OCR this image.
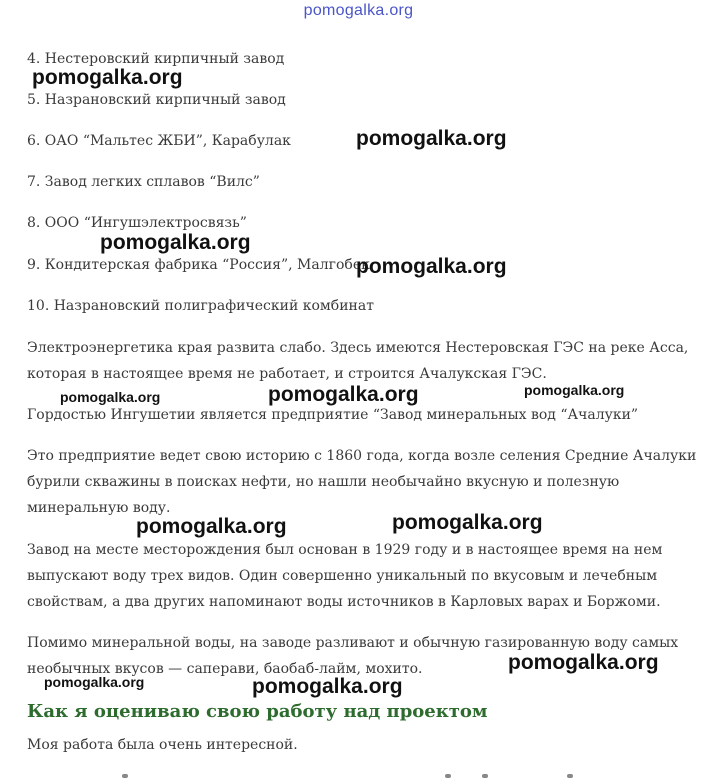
pomogalka.org
4. Нестеровский кирпичный завод
5. Назрановский кирпичный завод
6. ОАО “Мальтес ЖБИ”, Карабулак
7. Завод легких сплавов “Вилс”
8. ООО “Ингушэлектросвязь”
9. Кондитерская фабрика “Россия”, Малгобек
10. Назрановский полиграфический комбинат
Электроэнергетика края развита слабо. Здесь имеются Нестеровская ГЭС на реке Асса,
которая в настоящее время не работает, и строится Ачалукская ГЭС.
Гордостью Ингушетии является предприятие “Завод минеральных вод “Ачалуки”
Это предприятие ведет свою историю с 1860 года, когда возле селения Средние Ачалуки
бурили скважины в поисках нефти, но нашли необычайно вкусную и полезную
минеральную воду.
Завод на месте месторождения был основан в 1929 году и в настоящее время на нем
выпускают воду трех видов. Один совершенно уникальный по вкусовым и лечебным
свойствам, а два других напоминают воды источников в Карловых варах и Боржоми.
Помимо минеральной воды, на заводе разливают и обычную газированную воду самых
необычных вкусов — саперави, баобаб-лайм, мохито.
Как я оцениваю свою работу над проектом
Моя работа была очень интересной.
pomogalka.org
pomogalka.org
pomogalka.org
pomogalka.org
pomogalka.org	pomogalka.org	pomogalka.org
pomogalka.org	pomogalka.org
pomogalka.org
pomogalka.org	pomogalka.org
